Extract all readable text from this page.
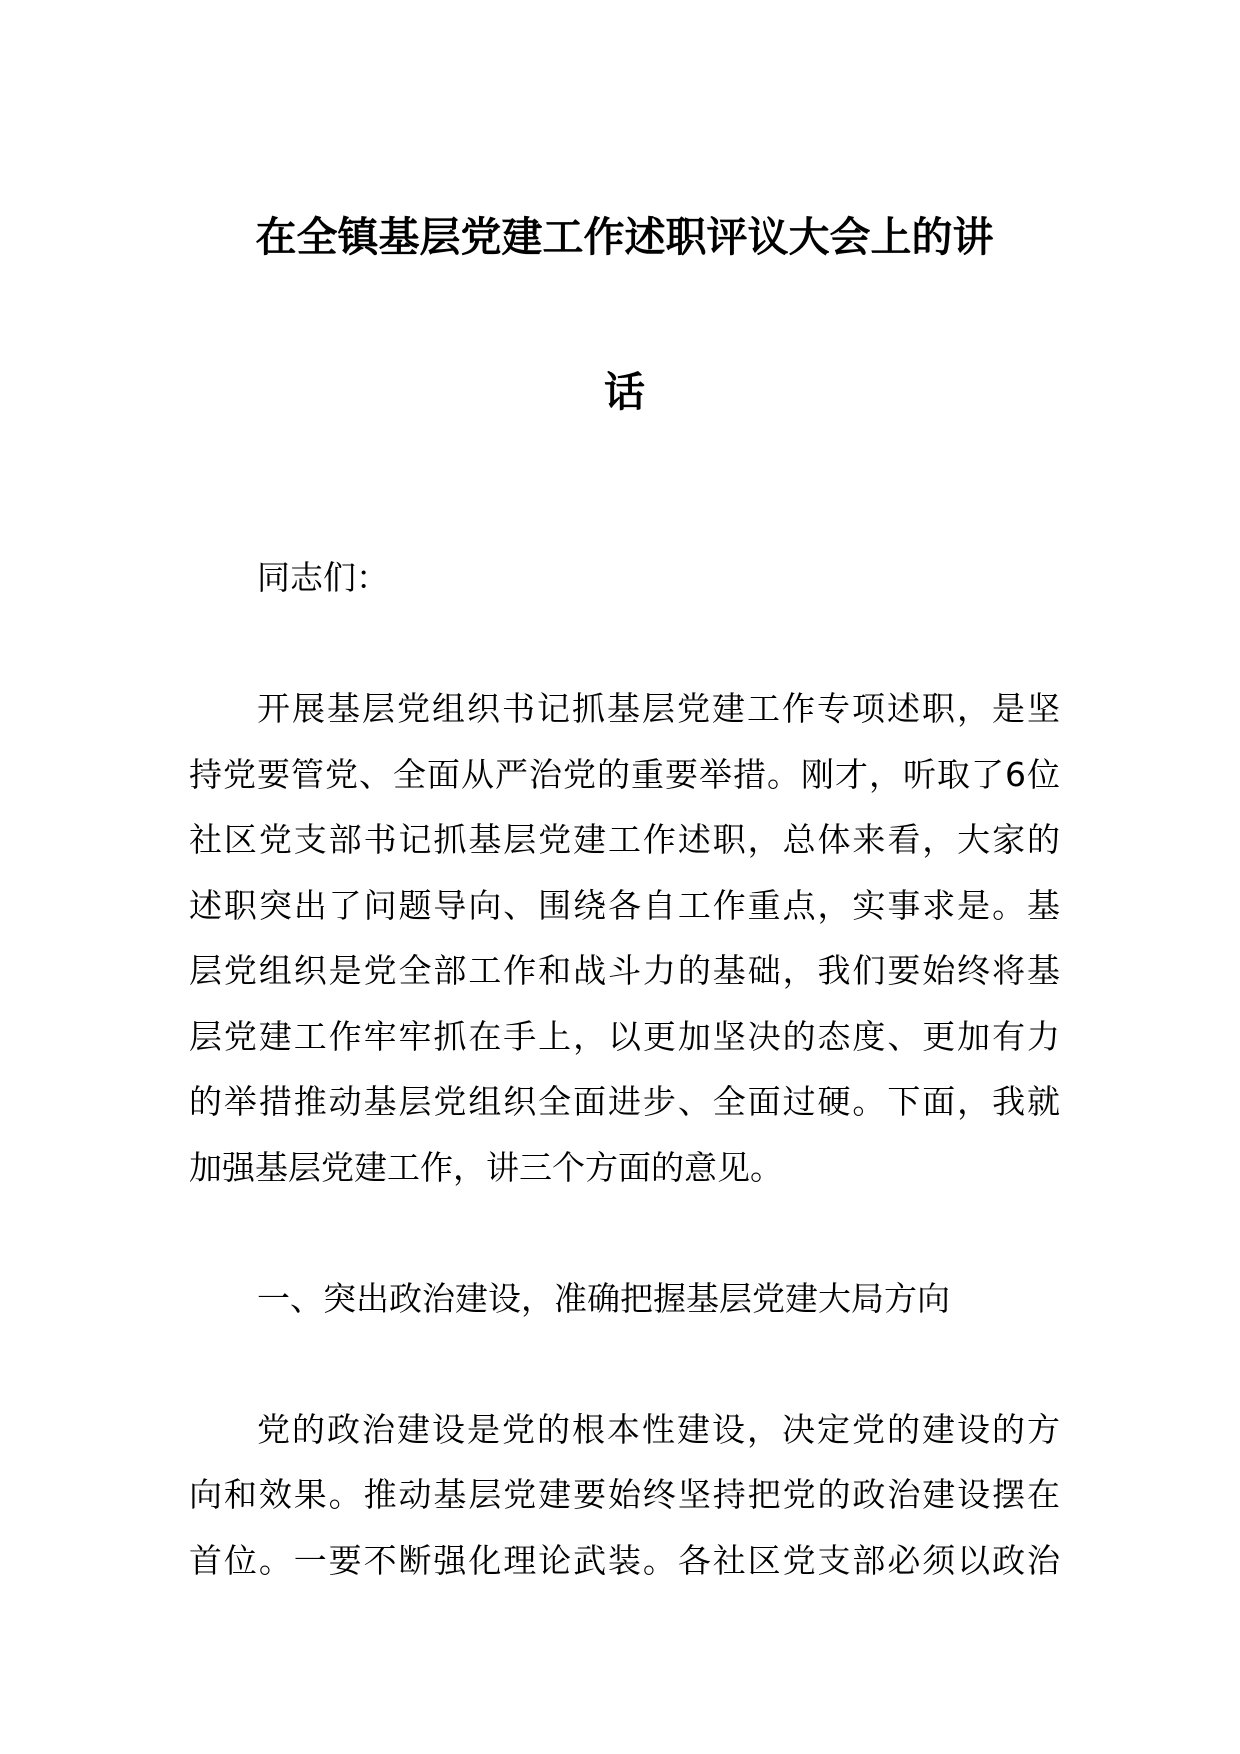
在全镇基层党建工作述职评议大会上的讲
话
同志们：
开展基层党组织书记抓基层党建工作专项述职，是坚
持党要管党、全面从严治党的重要举措。刚才，听取了6位
社区党支部书记抓基层党建工作述职，总体来看，大家的
述职突出了问题导向、围绕各自工作重点，实事求是。基
层党组织是党全部工作和战斗力的基础，我们要始终将基
层党建工作牢牢抓在手上，以更加坚决的态度、更加有力
的举措推动基层党组织全面进步、全面过硬。下面，我就
加强基层党建工作，讲三个方面的意见。
一、突出政治建设，准确把握基层党建大局方向
党的政治建设是党的根本性建设，决定党的建设的方
向和效果。推动基层党建要始终坚持把党的政治建设摆在
首位。一要不断强化理论武装。各社区党支部必须以政治
